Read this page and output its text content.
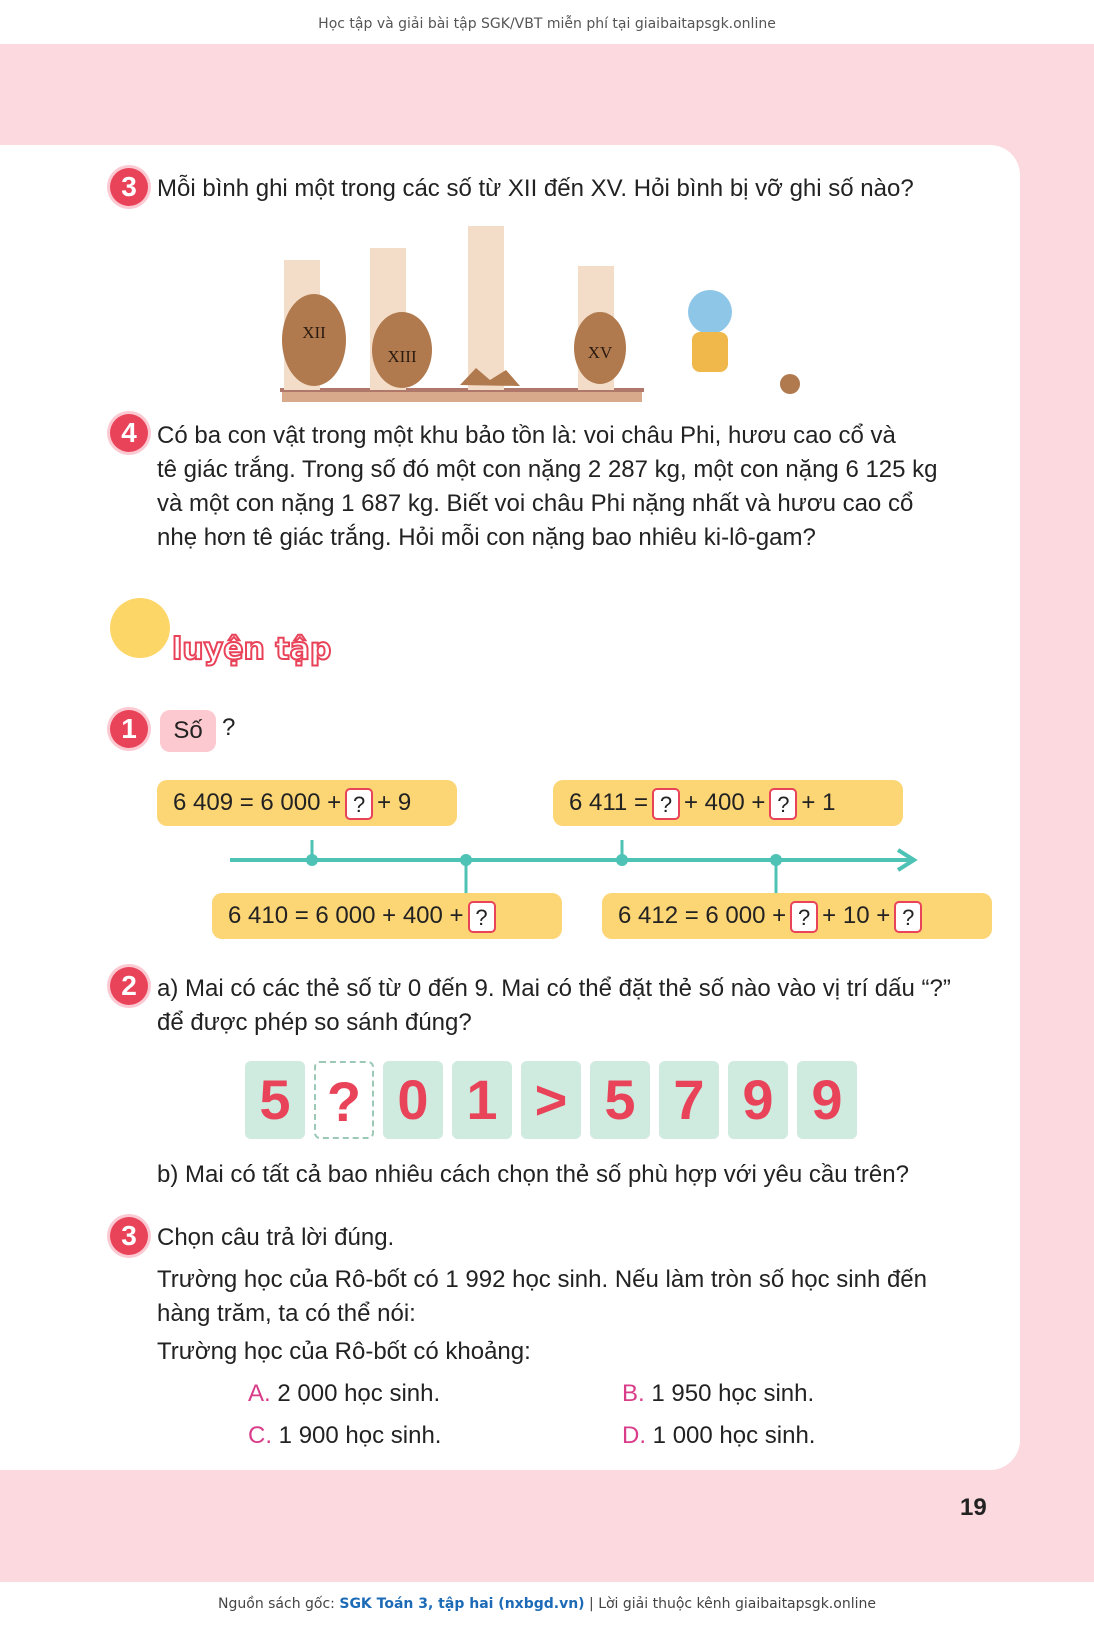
Học tập và giải bài tập SGK/VBT miễn phí tại giaibaitapsgk.online
3 Mỗi bình ghi một trong các số từ XII đến XV. Hỏi bình bị vỡ ghi số nào?
XII
XIII	XV
4 Có ba con vật trong một khu bảo tồn là: voi châu Phi, hươu cao cổ và
tê giác trắng. Trong số đó một con nặng 2 287 kg, một con nặng 6 125 kg
và một con nặng 1 687 kg. Biết voi châu Phi nặng nhất và hươu cao cổ
nhẹ hơn tê giác trắng. Hỏi mỗi con nặng bao nhiêu ki-lô-gam?
luyện tập
1	Số ?
6 409 = 6 000 + ? + 9	6 411 = ? + 400 + ? + 1
6 410 = 6 000 + 400 + ?	6 412 = 6 000 + ? + 10 + ?
2 a) Mai có các thẻ số từ 0 đến 9. Mai có thể đặt thẻ số nào vào vị trí dấu “?”
để được phép so sánh đúng?
5 ? 0 1 > 5 7 9 9
b) Mai có tất cả bao nhiêu cách chọn thẻ số phù hợp với yêu cầu trên?
3 Chọn câu trả lời đúng.
Trường học của Rô-bốt có 1 992 học sinh. Nếu làm tròn số học sinh đến
hàng trăm, ta có thể nói:
Trường học của Rô-bốt có khoảng:
A. 2 000 học sinh.	B. 1 950 học sinh.
C. 1 900 học sinh.	D. 1 000 học sinh.
19
Nguồn sách gốc: SGK Toán 3, tập hai (nxbgd.vn) | Lời giải thuộc kênh giaibaitapsgk.online
